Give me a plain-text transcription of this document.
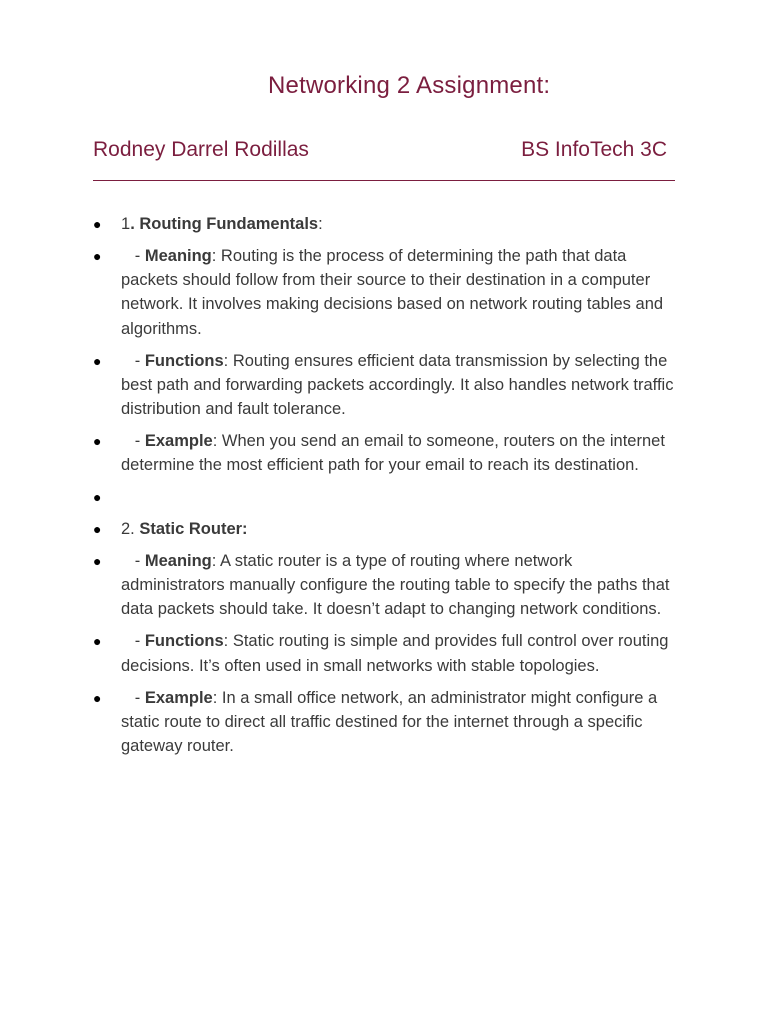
Networking 2 Assignment:
Rodney Darrel Rodillas	BS InfoTech 3C
● 1. Routing Fundamentals:
● - Meaning: Routing is the process of determining the path that data packets should follow from their source to their destination in a computer network. It involves making decisions based on network routing tables and algorithms.
● - Functions: Routing ensures efficient data transmission by selecting the best path and forwarding packets accordingly. It also handles network traffic distribution and fault tolerance.
● - Example: When you send an email to someone, routers on the internet determine the most efficient path for your email to reach its destination.
●
● 2. Static Router:
● - Meaning: A static router is a type of routing where network administrators manually configure the routing table to specify the paths that data packets should take. It doesn’t adapt to changing network conditions.
● - Functions: Static routing is simple and provides full control over routing decisions. It’s often used in small networks with stable topologies.
● - Example: In a small office network, an administrator might configure a static route to direct all traffic destined for the internet through a specific gateway router.
